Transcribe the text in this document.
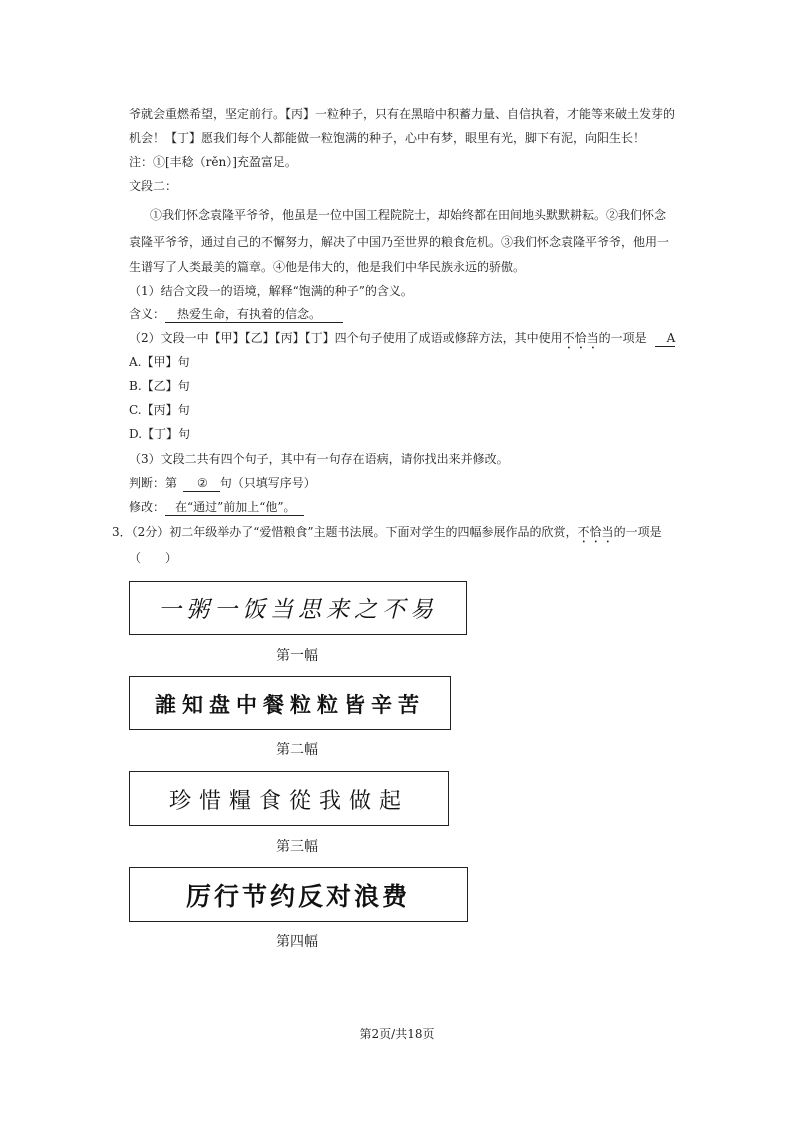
爷就会重燃希望，坚定前行。【丙】一粒种子，只有在黑暗中积蓄力量、自信执着，才能等来破土发芽的
机会！【丁】愿我们每个人都能做一粒饱满的种子，心中有梦，眼里有光，脚下有泥，向阳生长！
注：①[丰稔（rěn）]充盈富足。
文段二：
①我们怀念袁隆平爷爷，他虽是一位中国工程院院士，却始终都在田间地头默默耕耘。②我们怀念
袁隆平爷爷，通过自己的不懈努力，解决了中国乃至世界的粮食危机。③我们怀念袁隆平爷爷，他用一
生谱写了人类最美的篇章。④他是伟大的，他是我们中华民族永远的骄傲。
（1）结合文段一的语境，解释“饱满的种子”的含义。
含义： 热爱生命，有执着的信念。
（2）文段一中【甲】【乙】【丙】【丁】四个句子使用了成语或修辞方法，其中使用不恰当的一项是 A
A.【甲】句
B.【乙】句
C.【丙】句
D.【丁】句
（3）文段二共有四个句子，其中有一句存在语病，请你找出来并修改。
判断：第 ② 句（只填写序号）
修改： 在“通过”前加上“他”。
3．（2分）初二年级举办了“爱惜粮食”主题书法展。下面对学生的四幅参展作品的欣赏，不恰当的一项是
（　　）
一粥一饭当思来之不易
第一幅
誰知盘中餐粒粒皆辛苦
第二幅
珍惜糧食從我做起
第三幅
厉行节约反对浪费
第四幅
第2页/共18页
